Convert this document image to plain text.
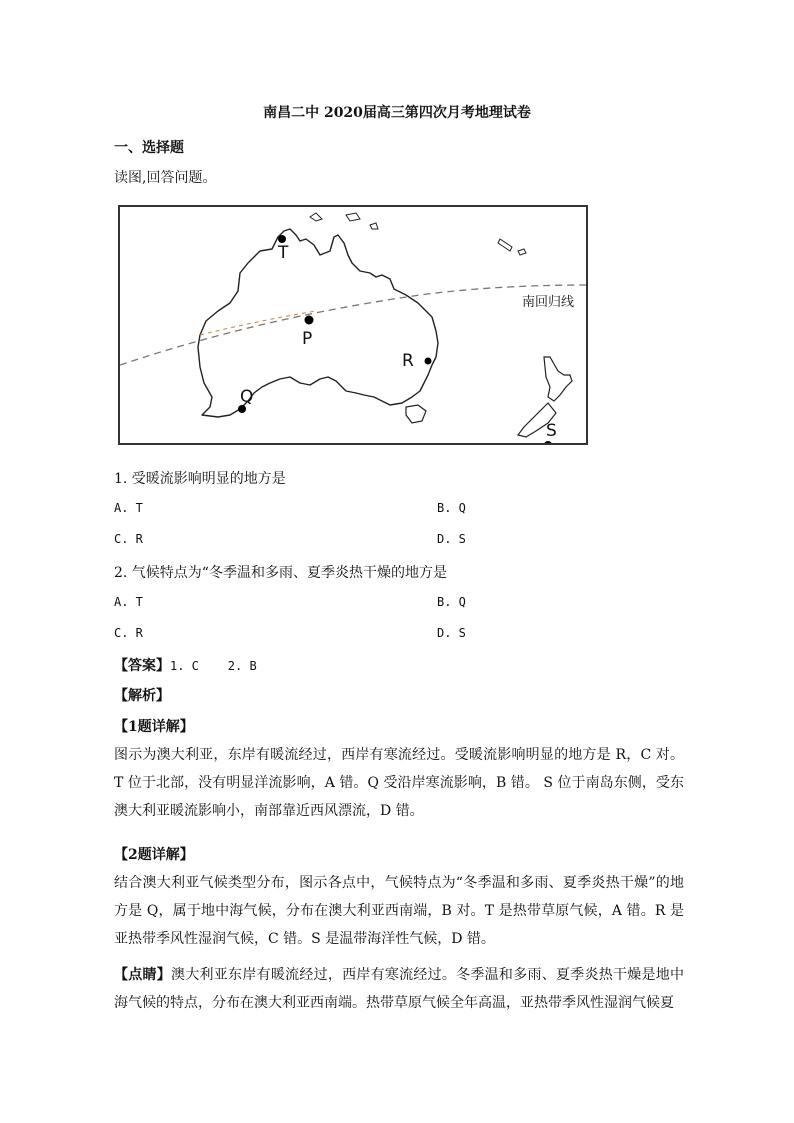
南昌二中 2020届高三第四次月考地理试卷
一、选择题
读图,回答问题。
T
P
R
Q
S
南回归线
1. 受暖流影响明显的地方是
A. T	B. Q
C. R	D. S
2. 气候特点为“冬季温和多雨、夏季炎热干燥的地方是
A. T	B. Q
C. R	D. S
【答案】1. C    2. B
【解析】
【1题详解】
图示为澳大利亚，东岸有暖流经过，西岸有寒流经过。受暖流影响明显的地方是 R，C 对。T 位于北部，没有明显洋流影响，A 错。Q 受沿岸寒流影响，B 错。 S 位于南岛东侧，受东澳大利亚暖流影响小，南部靠近西风漂流，D 错。
【2题详解】
结合澳大利亚气候类型分布，图示各点中，气候特点为“冬季温和多雨、夏季炎热干燥”的地方是 Q，属于地中海气候，分布在澳大利亚西南端，B 对。T 是热带草原气候，A 错。R 是亚热带季风性湿润气候，C 错。S 是温带海洋性气候，D 错。
【点睛】澳大利亚东岸有暖流经过，西岸有寒流经过。冬季温和多雨、夏季炎热干燥是地中海气候的特点，分布在澳大利亚西南端。热带草原气候全年高温，亚热带季风性湿润气候夏
